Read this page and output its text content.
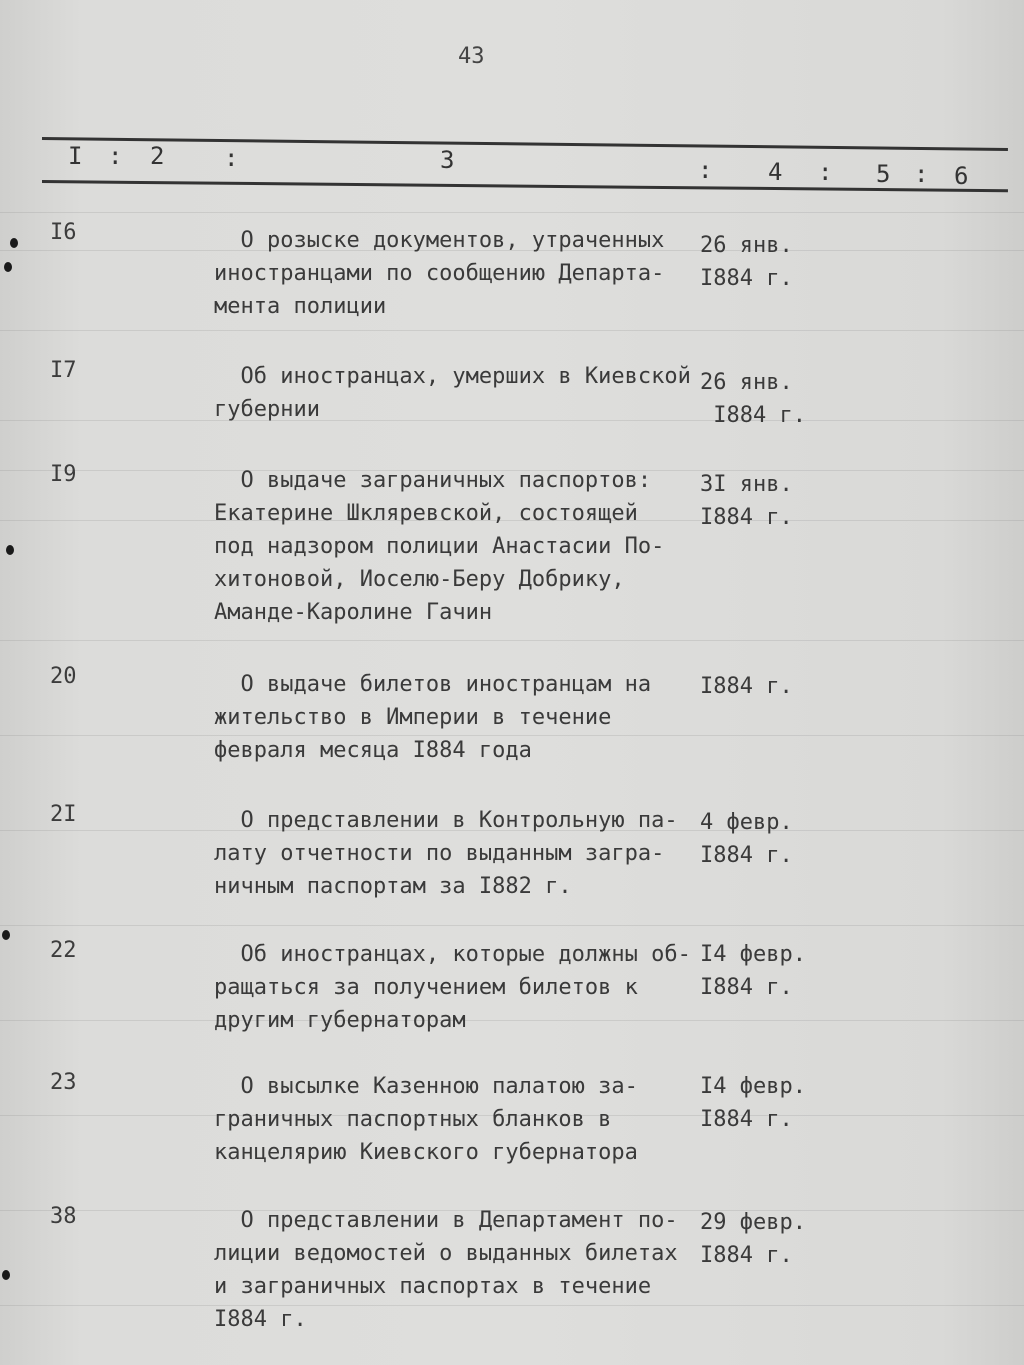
43
I : 2 :	3	: 4 : 5 : 6
I6	О розыске документов, утраченных
иностранцами по сообщению Департа-
мента полиции
26 янв.
I884 г.
I7	Об иностранцах, умерших в Киевской
губернии
26 янв.
I884 г.
I9	О выдаче заграничных паспортов:
Екатерине Шкляревской, состоящей
под надзором полиции Анастасии По-
хитоновой, Иоселю-Беру Добрику,
Аманде-Каролине Гачин
3I янв.
I884 г.
20	О выдаче билетов иностранцам на
жительство в Империи в течение
февраля месяца I884 года
I884 г.
2I	О представлении в Контрольную па-
лату отчетности по выданным загра-
ничным паспортам за I882 г.
4 февр.
I884 г.
22	Об иностранцах, которые должны об-
ращаться за получением билетов к
другим губернаторам
I4 февр.
I884 г.
23	О высылке Казенною палатою за-
граничных паспортных бланков в
канцелярию Киевского губернатора
I4 февр.
I884 г.
38	О представлении в Департамент по-
лиции ведомостей о выданных билетах
и заграничных паспортах в течение
I884 г.
29 февр.
I884 г.
